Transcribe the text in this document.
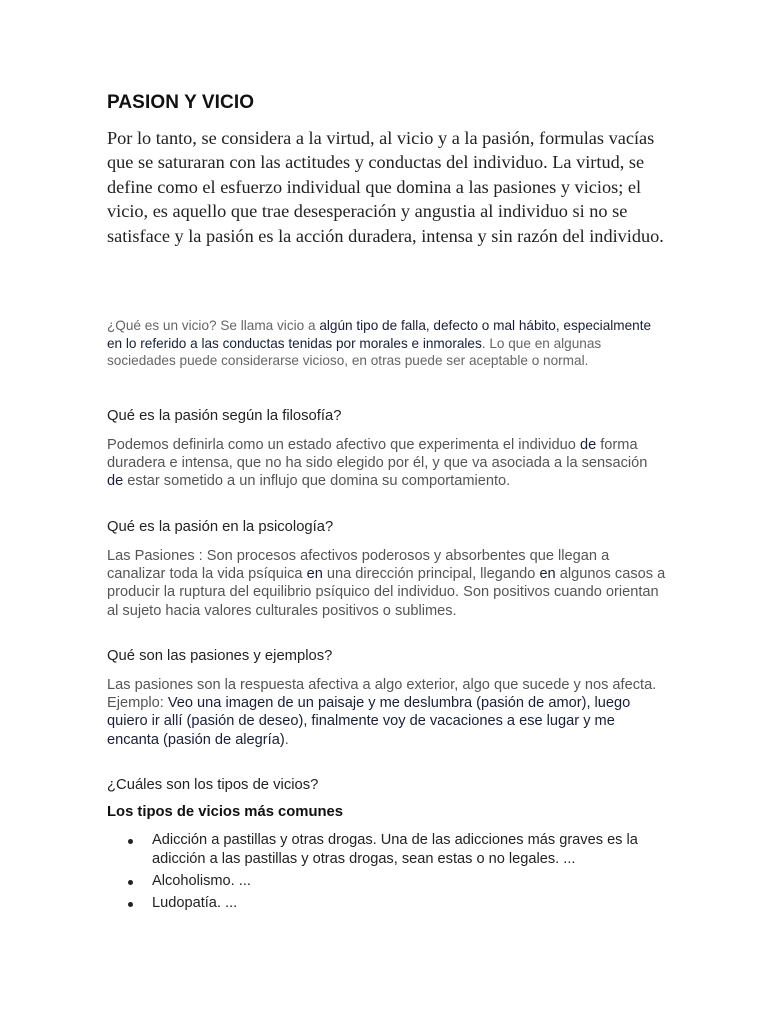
PASION Y VICIO

Por lo tanto, se considera a la virtud, al vicio y a la pasión, formulas vacías que se saturaran con las actitudes y conductas del individuo. La virtud, se define como el esfuerzo individual que domina a las pasiones y vicios; el vicio, es aquello que trae desesperación y angustia al individuo si no se satisface y la pasión es la acción duradera, intensa y sin razón del individuo.

¿Qué es un vicio? Se llama vicio a algún tipo de falla, defecto o mal hábito, especialmente en lo referido a las conductas tenidas por morales e inmorales. Lo que en algunas sociedades puede considerarse vicioso, en otras puede ser aceptable o normal.

Qué es la pasión según la filosofía?

Podemos definirla como un estado afectivo que experimenta el individuo de forma duradera e intensa, que no ha sido elegido por él, y que va asociada a la sensación de estar sometido a un influjo que domina su comportamiento.

Qué es la pasión en la psicología?

Las Pasiones : Son procesos afectivos poderosos y absorbentes que llegan a canalizar toda la vida psíquica en una dirección principal, llegando en algunos casos a producir la ruptura del equilibrio psíquico del individuo. Son positivos cuando orientan al sujeto hacia valores culturales positivos o sublimes.

Qué son las pasiones y ejemplos?

Las pasiones son la respuesta afectiva a algo exterior, algo que sucede y nos afecta. Ejemplo: Veo una imagen de un paisaje y me deslumbra (pasión de amor), luego quiero ir allí (pasión de deseo), finalmente voy de vacaciones a ese lugar y me encanta (pasión de alegría).

¿Cuáles son los tipos de vicios?
Los tipos de vicios más comunes
Adicción a pastillas y otras drogas. Una de las adicciones más graves es la adicción a las pastillas y otras drogas, sean estas o no legales. ...
Alcoholismo. ...
Ludopatía. ...
